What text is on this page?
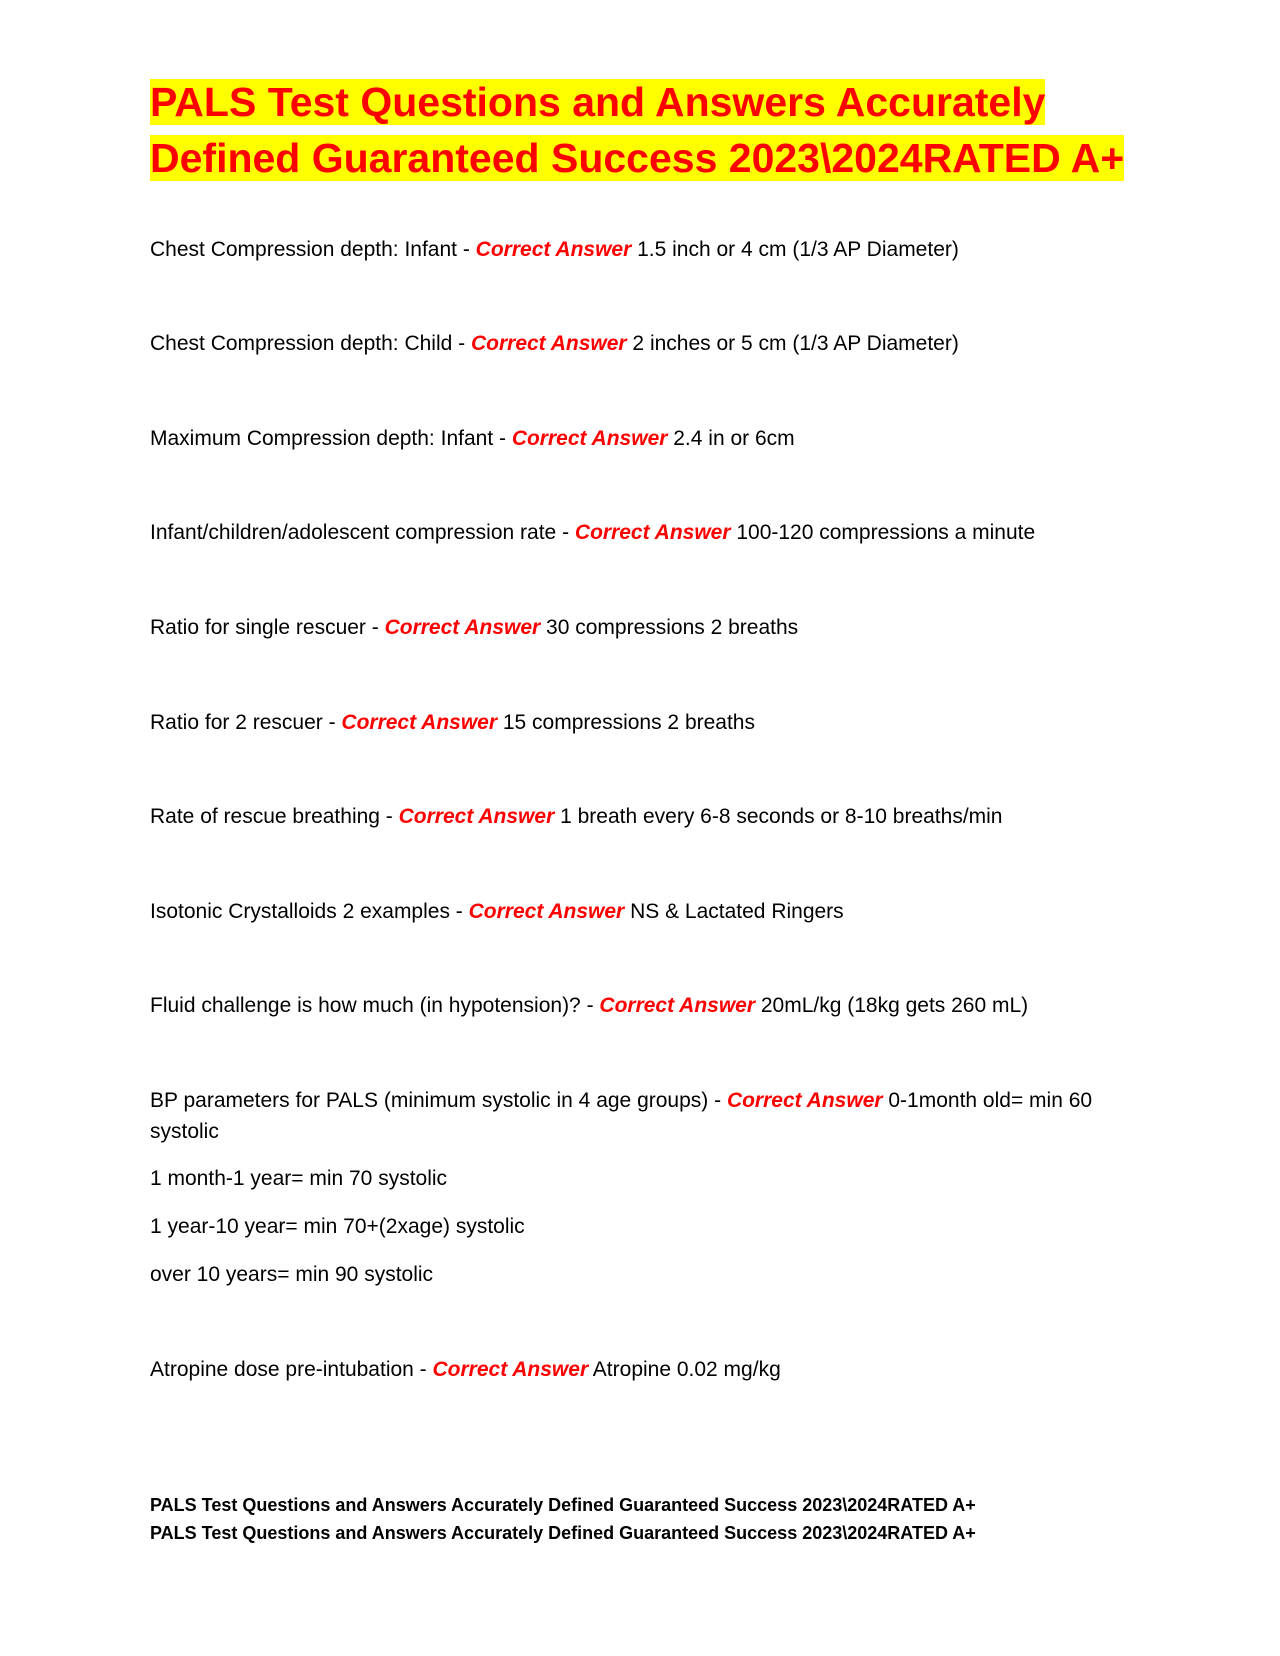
PALS Test Questions and Answers Accurately
Defined Guaranteed Success 2023\2024RATED A+

Chest Compression depth: Infant - Correct Answer 1.5 inch or 4 cm (1/3 AP Diameter)

Chest Compression depth: Child - Correct Answer 2 inches or 5 cm (1/3 AP Diameter)

Maximum Compression depth: Infant - Correct Answer 2.4 in or 6cm

Infant/children/adolescent compression rate - Correct Answer 100-120 compressions a minute

Ratio for single rescuer - Correct Answer 30 compressions 2 breaths

Ratio for 2 rescuer - Correct Answer 15 compressions 2 breaths

Rate of rescue breathing - Correct Answer 1 breath every 6-8 seconds or 8-10 breaths/min

Isotonic Crystalloids 2 examples - Correct Answer NS & Lactated Ringers

Fluid challenge is how much (in hypotension)? - Correct Answer 20mL/kg (18kg gets 260 mL)

BP parameters for PALS (minimum systolic in 4 age groups) - Correct Answer 0-1month old= min 60 systolic

1 month-1 year= min 70 systolic

1 year-10 year= min 70+(2xage) systolic

over 10 years= min 90 systolic

Atropine dose pre-intubation - Correct Answer Atropine 0.02 mg/kg

PALS Test Questions and Answers Accurately Defined Guaranteed Success 2023\2024RATED A+
PALS Test Questions and Answers Accurately Defined Guaranteed Success 2023\2024RATED A+
